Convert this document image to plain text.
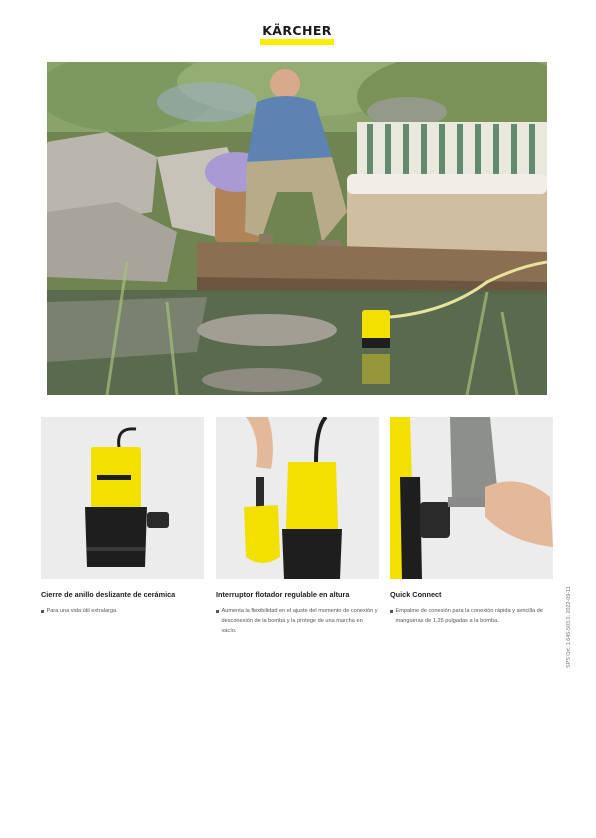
KÄRCHER
Cierre de anillo deslizante de cerámica
Para una vida útil extralarga.
Interruptor flotador regulable en altura
Aumenta la flexibilidad en el ajuste del momento de conexión y desconexión de la bomba y la protege de una marcha en vacío.
Quick Connect
Empalme de conexión para la conexión rápida y sencilla de mangueras de 1,25 pulgadas a la bomba.	SPS Ort. 1.645-503.0, 2022-09-11
